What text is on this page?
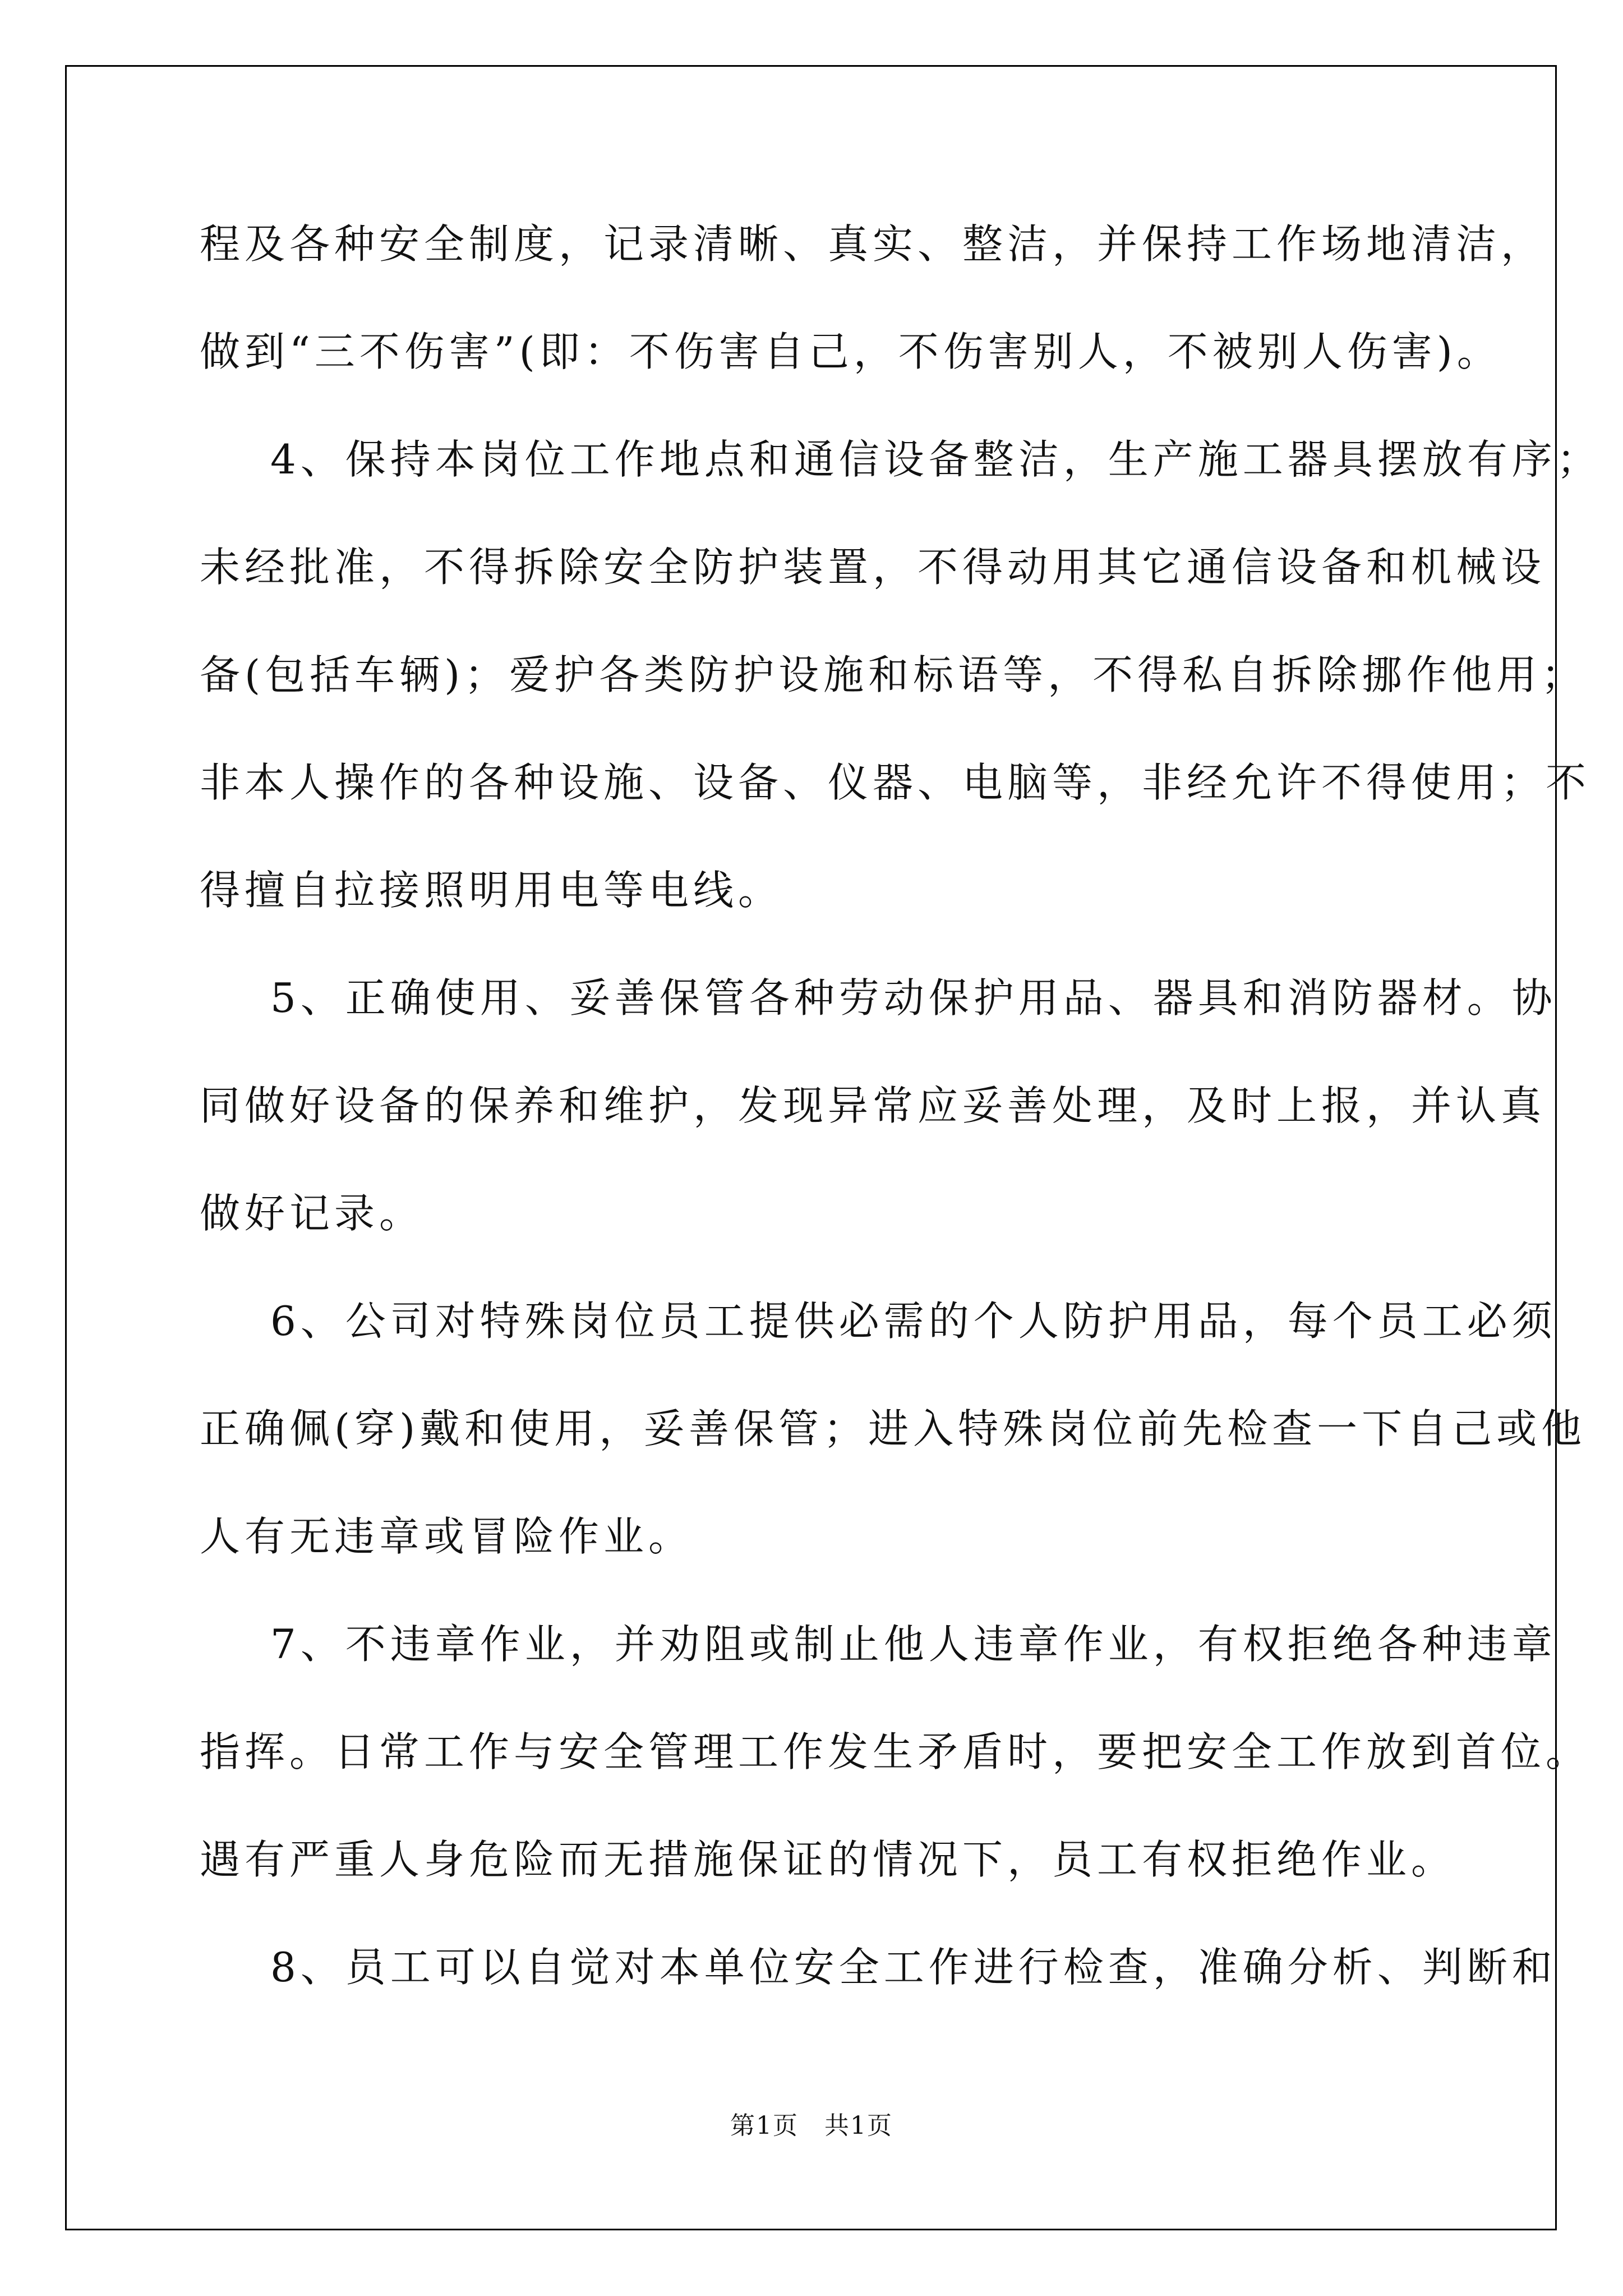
程及各种安全制度，记录清晰、真实、整洁，并保持工作场地清洁，
做到“三不伤害”(即：不伤害自己，不伤害别人，不被别人伤害)。
4、保持本岗位工作地点和通信设备整洁，生产施工器具摆放有序；
未经批准，不得拆除安全防护装置，不得动用其它通信设备和机械设
备(包括车辆)；爱护各类防护设施和标语等，不得私自拆除挪作他用；
非本人操作的各种设施、设备、仪器、电脑等，非经允许不得使用；不
得擅自拉接照明用电等电线。
5、正确使用、妥善保管各种劳动保护用品、器具和消防器材。协
同做好设备的保养和维护，发现异常应妥善处理，及时上报，并认真
做好记录。
6、公司对特殊岗位员工提供必需的个人防护用品，每个员工必须
正确佩(穿)戴和使用，妥善保管；进入特殊岗位前先检查一下自己或他
人有无违章或冒险作业。
7、不违章作业，并劝阻或制止他人违章作业，有权拒绝各种违章
指挥。日常工作与安全管理工作发生矛盾时，要把安全工作放到首位。
遇有严重人身危险而无措施保证的情况下，员工有权拒绝作业。
8、员工可以自觉对本单位安全工作进行检查，准确分析、判断和
第1页　共1页
